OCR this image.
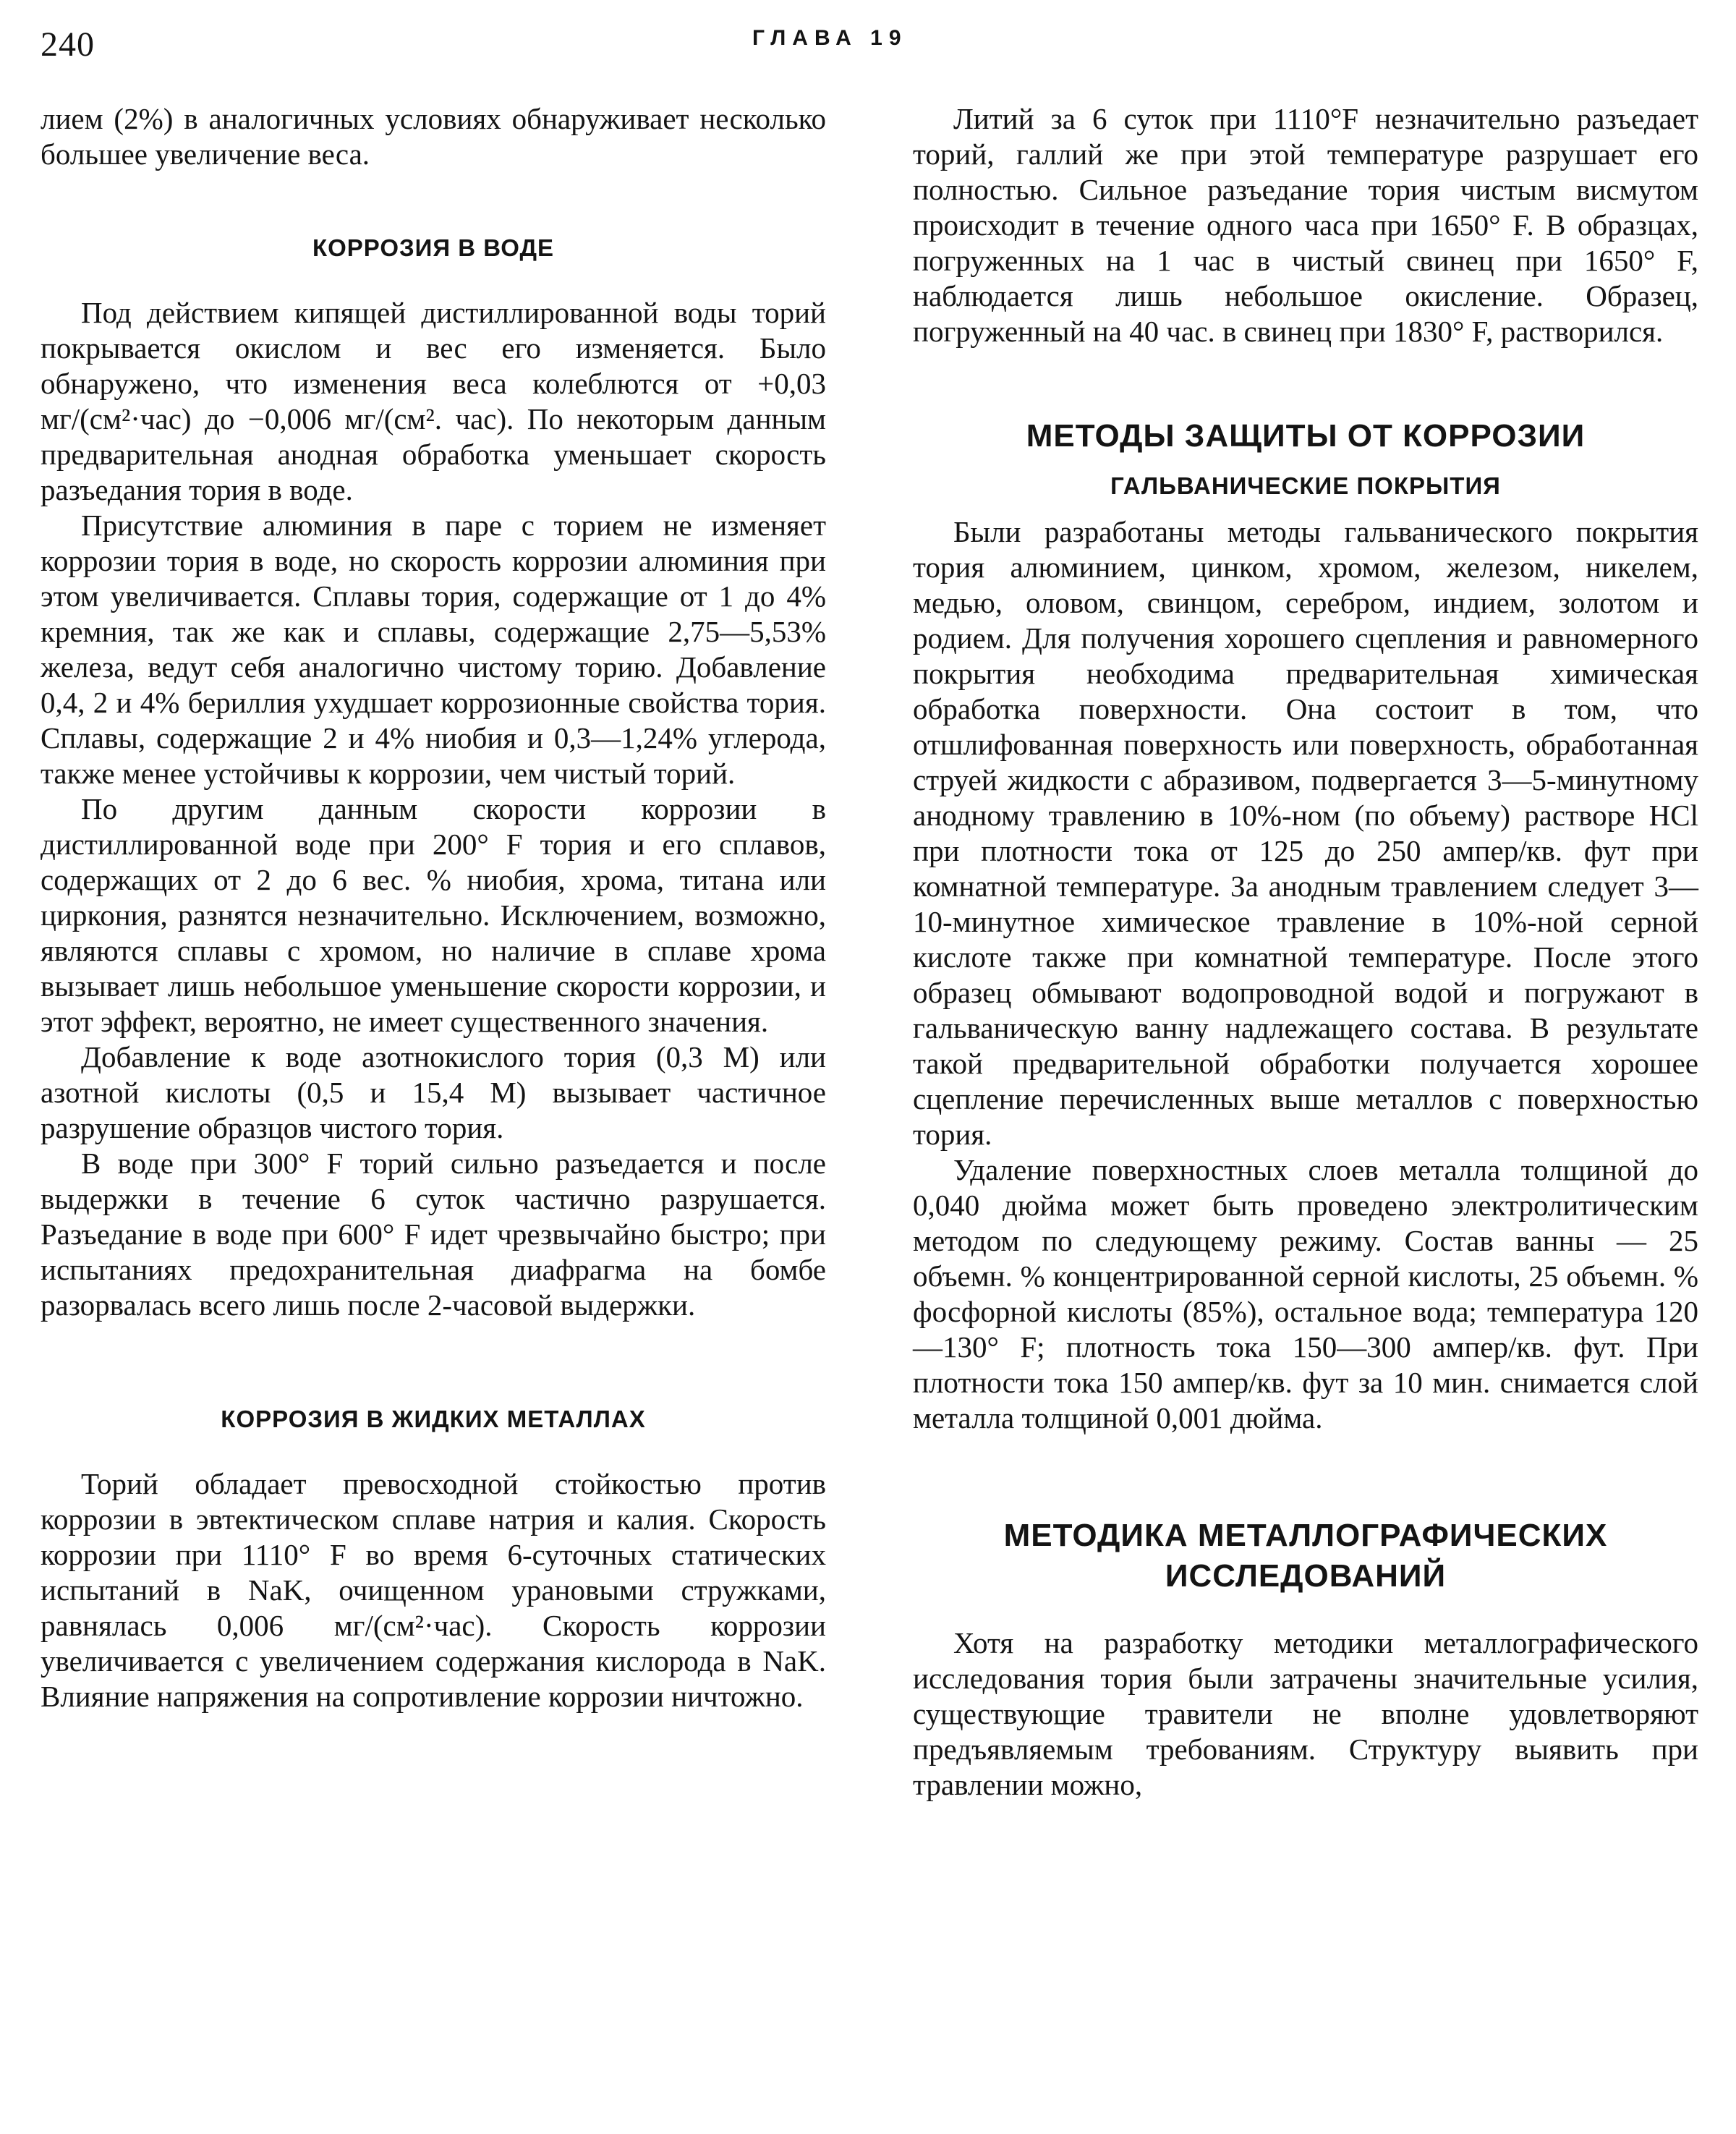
240	ГЛАВА 19

лием (2%) в аналогичных условиях обнаруживает несколько большее увеличение веса.

КОРРОЗИЯ В ВОДЕ

Под действием кипящей дистиллированной воды торий покрывается окислом и вес его изменяется. Было обнаружено, что изменения веса колеблются от +0,03 мг/(см²·час) до −0,006 мг/(см². час). По некоторым данным предварительная анодная обработка уменьшает скорость разъедания тория в воде.

Присутствие алюминия в паре с торием не изменяет коррозии тория в воде, но скорость коррозии алюминия при этом увеличивается. Сплавы тория, содержащие от 1 до 4% кремния, так же как и сплавы, содержащие 2,75—5,53% железа, ведут себя аналогично чистому торию. Добавление 0,4, 2 и 4% бериллия ухудшает коррозионные свойства тория. Сплавы, содержащие 2 и 4% ниобия и 0,3—1,24% углерода, также менее устойчивы к коррозии, чем чистый торий.

По другим данным скорости коррозии в дистиллированной воде при 200° F тория и его сплавов, содержащих от 2 до 6 вес. % ниобия, хрома, титана или циркония, разнятся незначительно. Исключением, возможно, являются сплавы с хромом, но наличие в сплаве хрома вызывает лишь небольшое уменьшение скорости коррозии, и этот эффект, вероятно, не имеет существенного значения.

Добавление к воде азотнокислого тория (0,3 М) или азотной кислоты (0,5 и 15,4 М) вызывает частичное разрушение образцов чистого тория.

В воде при 300° F торий сильно разъедается и после выдержки в течение 6 суток частично разрушается. Разъедание в воде при 600° F идет чрезвычайно быстро; при испытаниях предохранительная диафрагма на бомбе разорвалась всего лишь после 2-часовой выдержки.

КОРРОЗИЯ В ЖИДКИХ МЕТАЛЛАХ

Торий обладает превосходной стойкостью против коррозии в эвтектическом сплаве натрия и калия. Скорость коррозии при 1110° F во время 6-суточных статических испытаний в NaK, очищенном урановыми стружками, равнялась 0,006 мг/(см²·час). Скорость коррозии увеличивается с увеличением содержания кислорода в NaK. Влияние напряжения на сопротивление коррозии ничтожно.

Литий за 6 суток при 1110°F незначительно разъедает торий, галлий же при этой температуре разрушает его полностью. Сильное разъедание тория чистым висмутом происходит в течение одного часа при 1650° F. В образцах, погруженных на 1 час в чистый свинец при 1650° F, наблюдается лишь небольшое окисление. Образец, погруженный на 40 час. в свинец при 1830° F, растворился.

МЕТОДЫ ЗАЩИТЫ ОТ КОРРОЗИИ
ГАЛЬВАНИЧЕСКИЕ ПОКРЫТИЯ

Были разработаны методы гальванического покрытия тория алюминием, цинком, хромом, железом, никелем, медью, оловом, свинцом, серебром, индием, золотом и родием. Для получения хорошего сцепления и равномерного покрытия необходима предварительная химическая обработка поверхности. Она состоит в том, что отшлифованная поверхность или поверхность, обработанная струей жидкости с абразивом, подвергается 3—5-минутному анодному травлению в 10%-ном (по объему) растворе HCl при плотности тока от 125 до 250 ампер/кв. фут при комнатной температуре. За анодным травлением следует 3—10-минутное химическое травление в 10%-ной серной кислоте также при комнатной температуре. После этого образец обмывают водопроводной водой и погружают в гальваническую ванну надлежащего состава. В результате такой предварительной обработки получается хорошее сцепление перечисленных выше металлов с поверхностью тория.

Удаление поверхностных слоев металла толщиной до 0,040 дюйма может быть проведено электролитическим методом по следующему режиму. Состав ванны — 25 объемн. % концентрированной серной кислоты, 25 объемн. % фосфорной кислоты (85%), остальное вода; температура 120—130° F; плотность тока 150—300 ампер/кв. фут. При плотности тока 150 ампер/кв. фут за 10 мин. снимается слой металла толщиной 0,001 дюйма.

МЕТОДИКА МЕТАЛЛОГРАФИЧЕСКИХ
ИССЛЕДОВАНИЙ

Хотя на разработку методики металлографического исследования тория были затрачены значительные усилия, существующие травители не вполне удовлетворяют предъявляемым требованиям. Структуру выявить при травлении можно,
